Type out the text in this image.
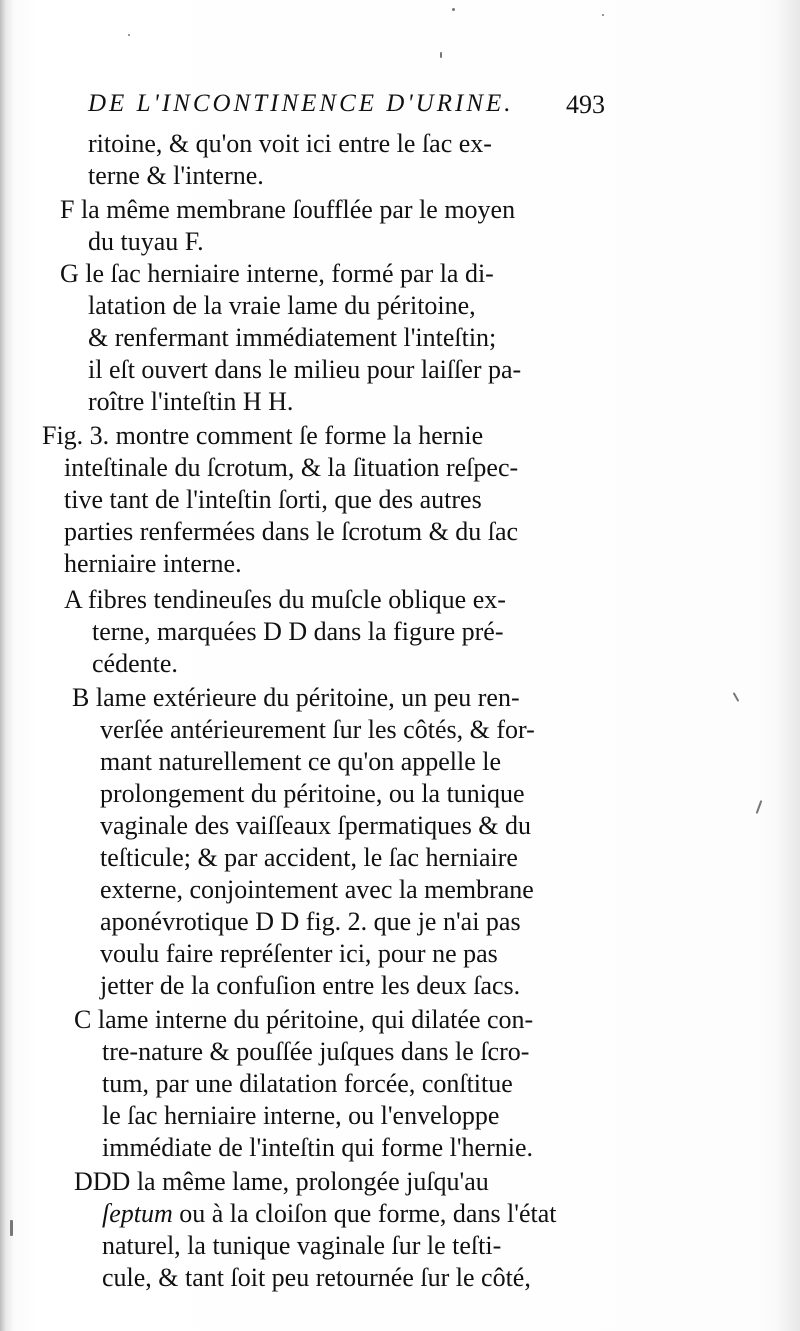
DE L'INCONTINENCE D'URINE.	493
ritoine, & qu'on voit ici entre le ſac ex-
terne & l'interne.
F la même membrane ſoufflée par le moyen
du tuyau F.
G le ſac herniaire interne, formé par la di-
latation de la vraie lame du péritoine,
& renfermant immédiatement l'inteſtin;
il eſt ouvert dans le milieu pour laiſſer pa-
roître l'inteſtin H H.
Fig. 3. montre comment ſe forme la hernie
inteſtinale du ſcrotum, & la ſituation reſpec-
tive tant de l'inteſtin ſorti, que des autres
parties renfermées dans le ſcrotum & du ſac
herniaire interne.
A fibres tendineuſes du muſcle oblique ex-
terne, marquées D D dans la figure pré-
cédente.
B lame extérieure du péritoine, un peu ren-
verſée antérieurement ſur les côtés, & for-
mant naturellement ce qu'on appelle le
prolongement du péritoine, ou la tunique
vaginale des vaiſſeaux ſpermatiques & du
teſticule; & par accident, le ſac herniaire
externe, conjointement avec la membrane
aponévrotique D D fig. 2. que je n'ai pas
voulu faire repréſenter ici, pour ne pas
jetter de la confuſion entre les deux ſacs.
C lame interne du péritoine, qui dilatée con-
tre-nature & pouſſée juſques dans le ſcro-
tum, par une dilatation forcée, conſtitue
le ſac herniaire interne, ou l'enveloppe
immédiate de l'inteſtin qui forme l'hernie.
DDD la même lame, prolongée juſqu'au
ſeptum ou à la cloiſon que forme, dans l'état
naturel, la tunique vaginale ſur le teſti-
cule, & tant ſoit peu retournée ſur le côté,
